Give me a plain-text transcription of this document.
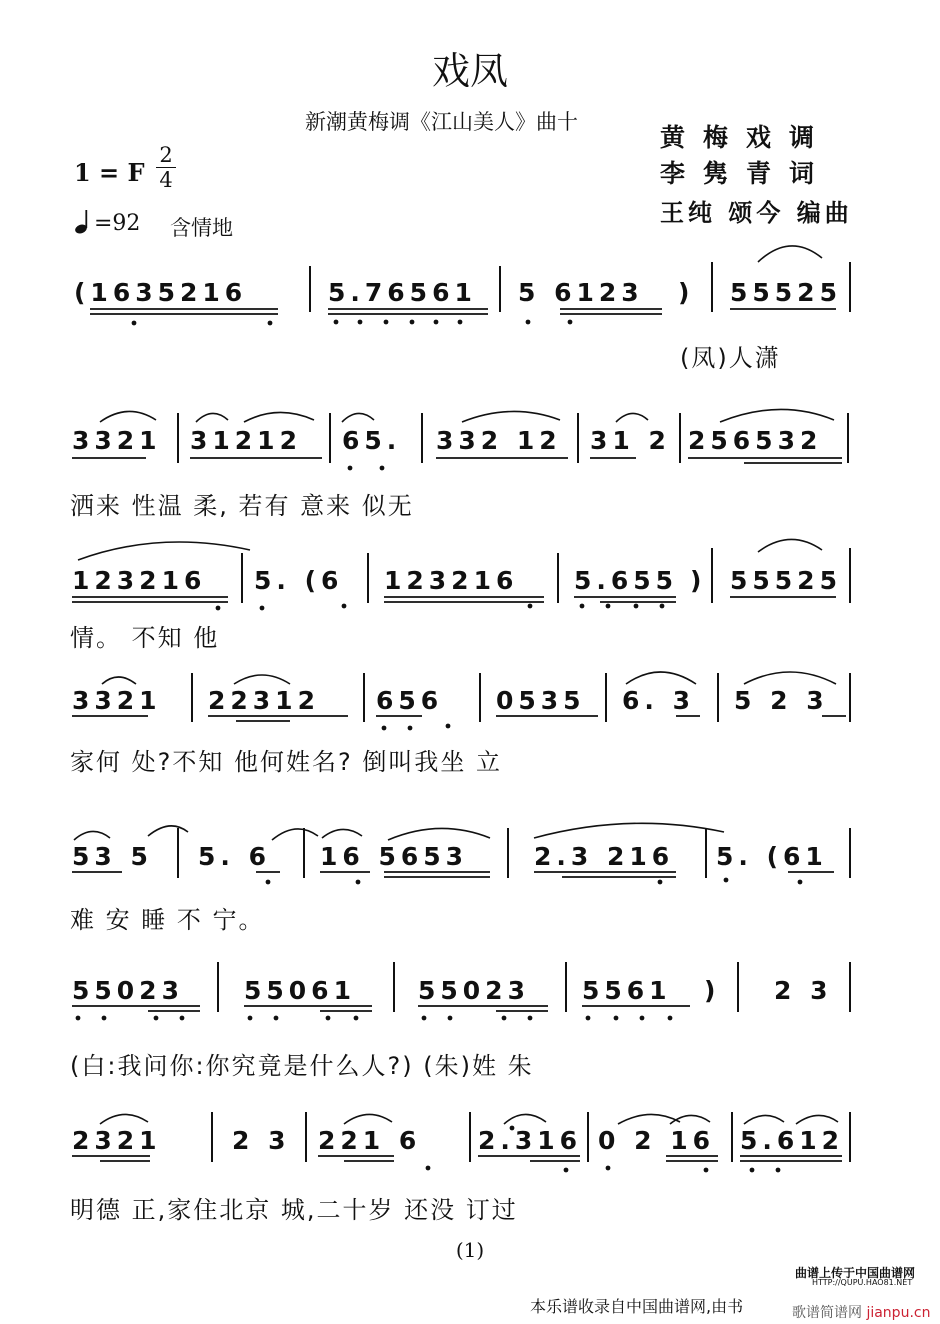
戏凤
新潮黄梅调《江山美人》曲十
黄梅戏调
李隽青词
王纯 颂今 编曲
1 = F
2
4
=92 含情地
(1635216	5.76561 5 6123 ) 55525
(凤)人潇
3321 31212 65. 332 12 31 2 256532
洒来 性温 柔, 若有 意来 似无
123216 5. (6 123216 5.655 ) 55525
情。 不知 他
3321 22312 656 0535 6. 3 5 2 3
家何 处?不知 他何姓名? 倒叫我坐 立
53 5 5. 6 16 5653	2.3 216 5. (61
难 安 睡 不 宁。
55023 55061 55023 5561 ) 2 3
(白:我问你:你究竟是什么人?) (朱)姓 朱
2321	2 3 221 6 2.316 0 2 16 5.612
明德 正,家住北京 城,二十岁 还没 订过
(1)
曲谱上传于中国曲谱网
HTTP://QUPU.HAO81.NET
本乐谱收录自中国曲谱网,由书	歌谱简谱网 jianpu.cn
